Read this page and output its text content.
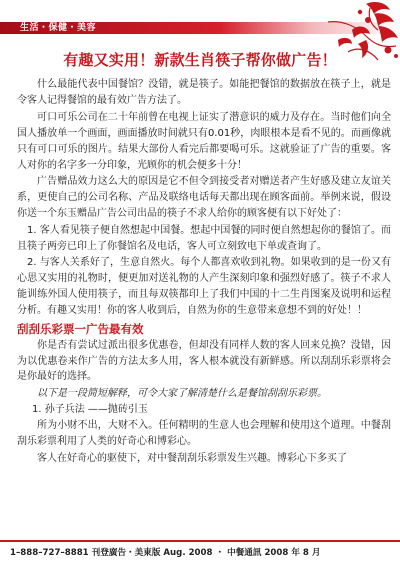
生活・保健・美容
有趣又实用！新款生肖筷子帮你做广告！
什么最能代表中国餐馆？没错，就是筷子。如能把餐馆的数据放在筷子上，就是令客人记得餐馆的最有效广告方法了。
可口可乐公司在二十年前曾在电视上证实了潜意识的威力及存在。当时他们向全国人播放单一个画面，画面播放时间就只有0.01秒，肉眼根本是看不见的。而画像就只有可口可乐的图片。结果大部份人看完后都要喝可乐。这就验证了广告的重要。客人对你的名字多一分印象，光顾你的机会便多十分！
广告赠品效力这么大的原因是它不但令到接受者对赠送者产生好感及建立友谊关系，更使自己的公司名称、产品及联络电话每天都出现在顾客面前。举例来说，假设你送一个东玉赠品广告公司出品的筷子不求人给你的顾客便有以下好处了：
1. 客人看见筷子便自然想起中国餐。想起中国餐的同时便自然想起你的餐馆了。而且筷子两旁已印上了你餐馆名及电话，客人可立刻致电下单或查询了。
2. 与客人关系好了，生意自然火。每个人都喜欢收到礼物。如果收到的是一份又有心思又实用的礼物时，便更加对送礼物的人产生深刻印象和强烈好感了。筷子不求人能训练外国人使用筷子，而且每双筷都印上了我们中国的十二生肖图案及说明和运程分析。有趣又实用！你的客人收到后，自然为你的生意带来意想不到的好处！！
刮刮乐彩票一广告最有效
你是否有尝试过派出很多优惠卷，但却没有同样人数的客人回来兑换？没错，因为以优惠卷来作广告的方法太多人用，客人根本就没有新鲜感。所以刮刮乐彩票将会是你最好的选择。
以下是一段简短解释，可令大家了解清楚什么是餐馆刮刮乐彩票。
1. 孙子兵法 ——抛砖引玉
所为小财不出，大财不入。任何精明的生意人也会理解和使用这个道理。中餐刮刮乐彩票利用了人类的好奇心和博彩心。
客人在好奇心的驱使下，对中餐刮刮乐彩票发生兴趣。博彩心下多买了
1–888–727–8881 刊登廣告・美東版 Aug. 2008 ・ 中餐通訊 2008 年 8 月
